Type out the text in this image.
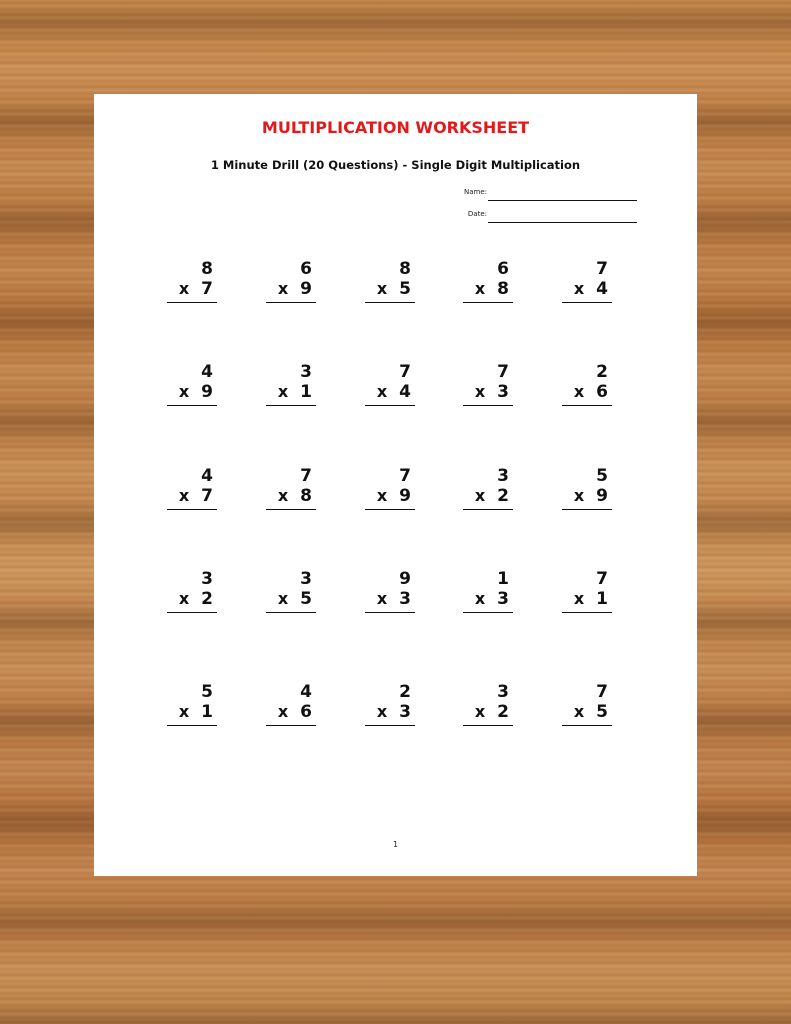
MULTIPLICATION WORKSHEET
1 Minute Drill (20 Questions) - Single Digit Multiplication
Name:
Date:
8
x 7
6
x 9
8
x 5
6
x 8
7
x 4
4
x 9
3
x 1
7
x 4
7
x 3
2
x 6
4
x 7
7
x 8
7
x 9
3
x 2
5
x 9
3
x 2
3
x 5
9
x 3
1
x 3
7
x 1
5
x 1
4
x 6
2
x 3
3
x 2
7
x 5
1
